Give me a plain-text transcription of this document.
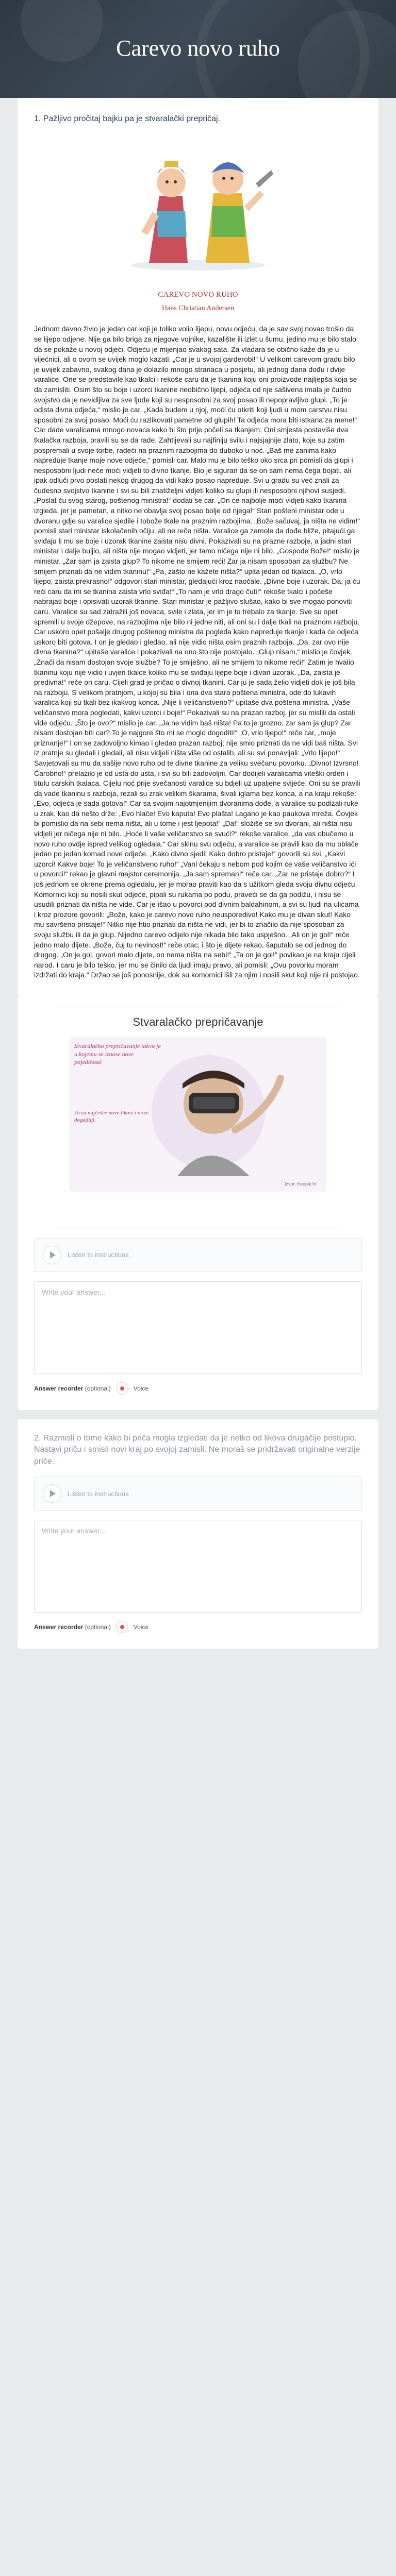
Carevo novo ruho

1. Pažljivo pročitaj bajku pa je stvaralački prepričaj.

CAREVO NOVO RUHO
Hans Christian Andersen

Jednom davno živio je jedan car koji je toliko volio lijepu, novu odjeću, da je sav svoj novac trošio da se lijepo odjene. Nije ga bilo briga za njegove vojnike, kazalište ili izlet u šumu, jedino mu je bilo stalo da se pokaže u novoj odjeći. Odjeću je mijenjao svakog sata. Za vladara se obično kaže da je u vijećnici, ali o ovom se uvijek moglo kazati: „Car je u svojoj garderobi!“ U velikom carevom gradu bilo je uvijek zabavno, svakog dana je dolazilo mnogo stranaca u posjetu, ali jednog dana dođu i dvije varalice. One se predstavile kao tkalci i rekoše caru da je tkanina koju oni proizvode najljepša koja se da zamisliti. Osim što su boje i uzorci tkanine neobično lijepi, odjeća od nje sašivena imala je čudno svojstvo da je nevidljiva za sve ljude koji su nesposobni za svoj posao ili nepopravljivo glupi. „To je odista divna odjeća,“ mislio je car. „Kada budem u njoj, moći ću otkriti koji ljudi u mom carstvu nisu sposobni za svoj posao. Moći ću razlikovati pametne od glupih! Ta odjeća mora biti istkana za mene!“ Car dade varalicama mnogo novaca kako bi što prije počeli sa tkanjem. Oni smjesta postaviše dva tkalačka razboja, pravili su se da rade. Zahtijevali su najfiniju svilu i najsjajnije zlato, koje su zatim pospremali u svoje torbe, radeći na praznim razbojima do duboko u noć. „Baš me zanima kako napreduje tkanje moje nove odjeće,“ pomisli car. Malo mu je bilo teško oko srca pri pomisli da glupi i nesposobni ljudi neće moći vidjeti to divno tkanje. Bio je siguran da se on sam nema čega bojati, ali ipak odluči prvo poslati nekog drugog da vidi kako posao napreduje. Svi u gradu su već znali za čudesno svojstvo tkanine i svi su bili znatiželjni vidjeti koliko su glupi ili nesposobni njihovi susjedi. „Poslat ću svog starog, poštenog ministra!“ dodati se car. „On će najbolje moći vidjeti kako tkanina izgleda, jer je pametan, a nitko ne obavlja svoj posao bolje od njega!“ Stari pošteni ministar ode u dvoranu gdje su varalice sjedile i tobože tkale na praznim razbojima. „Bože sačuvaj, ja ništa ne vidim!“ pomisli stari ministar iskolačenih očiju, ali ne reče ništa. Varalice ga zamole da dođe bliže, pitajući ga sviđaju li mu se boje i uzorak tkanine zaista nisu divni. Pokazivali su na prazne razboje, a jadni stari ministar i dalje buljio, ali ništa nije mogao vidjeti, jer tamo ničega nije ni bilo. „Gospode Bože!“ mislio je ministar. „Zar sam ja zaista glup? To nikome ne smijem reći! Zar ja nisam sposoban za službu? Ne smijem priznati da ne vidim tkaninu!“ „Pa, zašto ne kažete ništa?“ upita jedan od tkalaca. „O, vrlo lijepo, zaista prekrasno!“ odgovori stari ministar, gledajući kroz naočale. „Divne boje i uzorak. Da, ja ću reći caru da mi se tkanina zaista vrlo sviđa!“ „To nam je vrlo drago čuti!“ rekoše tkalci i počeše nabrajati boje i opisivati uzorak tkanine. Stari ministar je pažljivo slušao, kako bi sve mogao ponoviti caru. Varalice su sad zatražili još novaca, svile i zlata, jer im je to trebalo za tkanje. Sve su opet spremili u svoje džepove, na razbojima nije bilo ni jedne niti, ali oni su i dalje tkali na praznom razboju. Car uskoro opet pošalje drugog poštenog ministra da pogleda kako napreduje tkanje i kada će odjeća uskoro biti gotova. I on je gledao i gledao, ali nije vidio ništa osim praznih razboja. „Da, zar ovo nije divna tkanina?“ upitaše varalice i pokazivali na ono što nije postojalo. „Glup nisam,“ mislio je čovjek. „Znači da nisam dostojan svoje službe? To je smiješno, ali ne smijem to nikome reći!“ Zatim je hvalio tkaninu koju nije vidio i uvjeri tkalce koliko mu se sviđaju lijepe boje i divan uzorak. „Da, zaista je predivna!“ reče on caru. Cijeli grad je pričao o divnoj tkanini. Car ju je sada želio vidjeti dok je još bila na razboju. S velikom pratnjom, u kojoj su bila i ona dva stara poštena ministra, ode do lukavih varalica koji su tkali bez ikakvog konca. „Nije li veličanstveno?“ upitaše dva poštena ministra. „Vaše veličanstvo mora pogledati, kakvi uzorci i boje!“ Pokazivali su na prazan razboj, jer su mislili da ostali vide odjeću. „Što je ovo?“ mislio je car. „Ja ne vidim baš ništa! Pa to je grozno, zar sam ja glup? Zar nisam dostojan biti car? To je najgore što mi se moglo dogoditi!“ „O, vrlo lijepo!“ reče car, „moje priznanje!“ I on se zadovoljno kimao i gledao prazan razboj; nije smio priznati da ne vidi baš ništa. Svi iz pratnje su gledali i gledali, ali nisu vidjeli ništa više od ostalih, ali su svi ponavljali: „Vrlo lijepo!“ Savjetovali su mu da sašije novo ruho od te divne tkanine za veliku svečanu povorku. „Divno! Izvrsno! Čarobno!“ prelazilo je od usta do usta, i svi su bili zadovoljni. Car dodijeli varalicama viteški orden i titulu carskih tkalaca. Cijelu noć prije svečanosti varalice su bdjeli uz upaljene svijeće. Oni su se pravili da vade tkaninu s razboja, rezali su zrak velikim škarama, šivali iglama bez konca, a na kraju rekoše: „Evo, odjeća je sada gotova!“ Car sa svojim najotmjenijim dvoranima dođe, a varalice su podizali ruke u zrak, kao da nešto drže: „Evo hlače! Evo kaputa! Evo plašta! Lagano je kao paukova mreža. Čovjek bi pomislio da na sebi nema ništa, ali u tome i jest ljepota!“ „Da!“ složiše se svi dvorani, ali ništa nisu vidjeli jer ničega nije ni bilo. „Hoće li vaše veličanstvo se svući?“ rekoše varalice, „da vas obučemo u novo ruho ovdje ispred velikog ogledala.“ Car skinu svu odjeću, a varalice se pravili kao da mu oblače jedan po jedan komad nove odjeće. „Kako divno sjedi! Kako dobro pristaje!“ govorili su svi. „Kakvi uzorci! Kakve boje! To je veličanstveno ruho!“ „Vani čekaju s nebom pod kojim će vaše veličanstvo ići u povorci!“ rekao je glavni majstor ceremonija. „Ja sam spreman!“ reče car. „Zar ne pristaje dobro?“ I još jednom se okrene prema ogledalu, jer je morao praviti kao da s užitkom gleda svoju divnu odjeću. Komornici koji su nosili skut odjeće, pipali su rukama po podu, praveći se da ga podižu, i nisu se usudili priznati da ništa ne vide. Car je išao u povorci pod divnim baldahinom, a svi su ljudi na ulicama i kroz prozore govorili: „Bože, kako je carevo novo ruho neusporedivo! Kako mu je divan skut! Kako mu savršeno pristaje!“ Nitko nije htio priznati da ništa ne vidi, jer bi to značilo da nije sposoban za svoju službu ili da je glup. Nijedno carevo odijelo nije nikada bilo tako uspješno. „Ali on je gol!“ reče jedno malo dijete. „Bože, čuj tu nevinost!“ reče otac; i što je dijete rekao, šaputalo se od jednog do drugog. „On je gol, govori malo dijete, on nema ništa na sebi!“ „Ta on je gol!“ povikao je na kraju cijeli narod. I caru je bilo teško, jer mu se činilo da ljudi imaju pravo, ali pomisli: „Ovu povorku moram izdržati do kraja.“ Držao se još ponosnije, dok su komornici išli za njim i nosili skut koji nije ni postojao.

Stvaralačko prepričavanje
Stvaralačko prepričavanje takvo je u kojemu se iznose nove pojedinosti
To su najčešće nove likovi i nove događaji.
Izvor: freepik.hr
Listen to instructions
Write your answer...
Answer recorder (optional)	Voice

2. Razmisli o tome kako bi priča mogla izgledati da je netko od likova drugačije postupio. Nastavi priču i smisli novi kraj po svojoj zamisli. Ne moraš se pridržavati originalne verzije priče.

Listen to instructions
Write your answer...
Answer recorder (optional)	Voice
